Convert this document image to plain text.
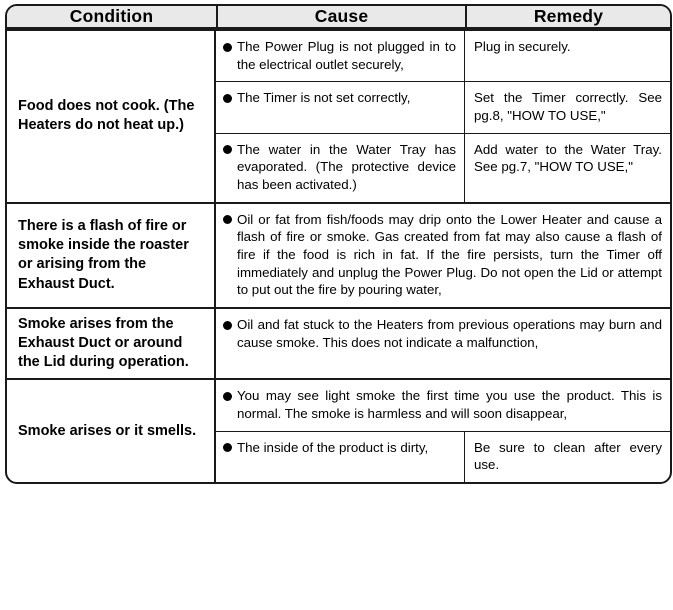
Condition	Cause	Remedy
Food does not cook. (The Heaters do not heat up.)	The Power Plug is not plugged in to the electrical outlet securely,	Plug in securely.

	The Timer is not set correctly,	Set the Timer correctly. See pg.8, "HOW TO USE,"

	The water in the Water Tray has evaporated. (The protective device has been activated.)	Add water to the Water Tray. See pg.7, "HOW TO USE,"

There is a flash of fire or smoke inside the roaster or arising from the Exhaust Duct.	Oil or fat from fish/foods may drip onto the Lower Heater and cause a flash of fire or smoke. Gas created from fat may also cause a flash of fire if the food is rich in fat. If the fire persists, turn the Timer off immediately and unplug the Power Plug. Do not open the Lid or attempt to put out the fire by pouring water,	

Smoke arises from the Exhaust Duct or around the Lid during operation.	Oil and fat stuck to the Heaters from previous operations may burn and cause smoke. This does not indicate a malfunction,	

Smoke arises or it smells.	You may see light smoke the first time you use the product. This is normal. The smoke is harmless and will soon disappear,	

	The inside of the product is dirty,	Be sure to clean after every use.
